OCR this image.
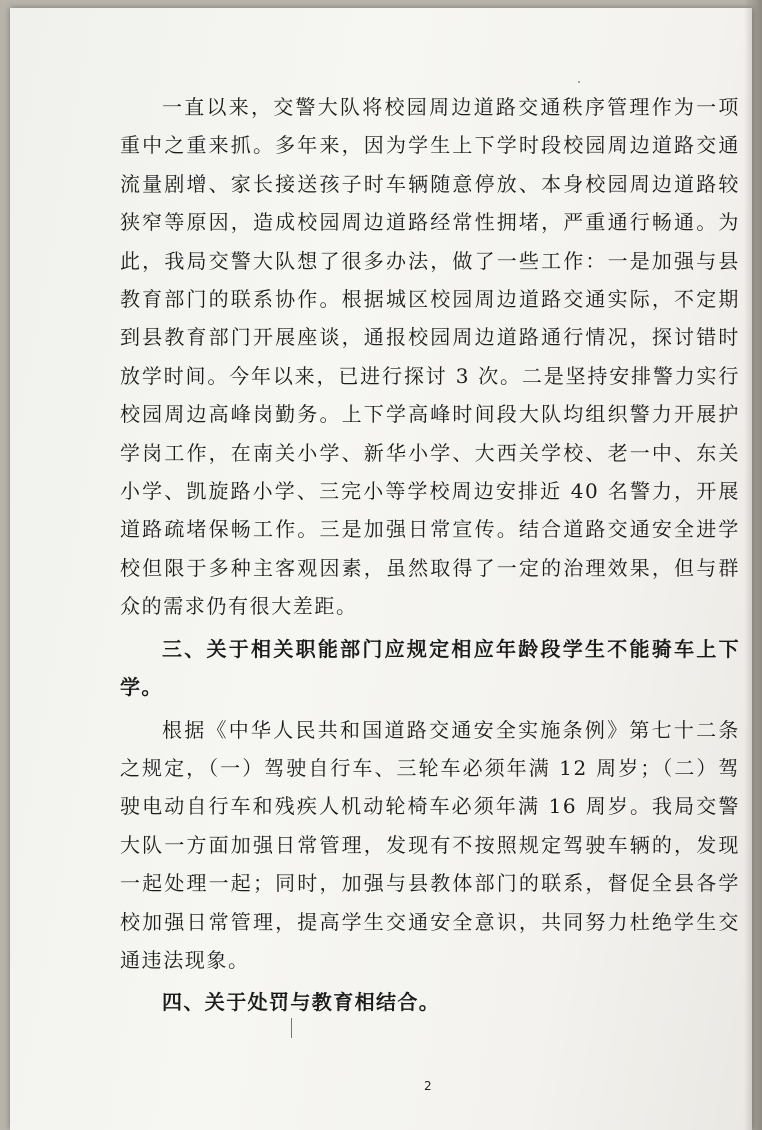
一直以来，交警大队将校园周边道路交通秩序管理作为一项重中之重来抓。多年来，因为学生上下学时段校园周边道路交通流量剧增、家长接送孩子时车辆随意停放、本身校园周边道路较狭窄等原因，造成校园周边道路经常性拥堵，严重通行畅通。为此，我局交警大队想了很多办法，做了一些工作：一是加强与县教育部门的联系协作。根据城区校园周边道路交通实际，不定期到县教育部门开展座谈，通报校园周边道路通行情况，探讨错时放学时间。今年以来，已进行探讨 3 次。二是坚持安排警力实行校园周边高峰岗勤务。上下学高峰时间段大队均组织警力开展护学岗工作，在南关小学、新华小学、大西关学校、老一中、东关小学、凯旋路小学、三完小等学校周边安排近 40 名警力，开展道路疏堵保畅工作。三是加强日常宣传。结合道路交通安全进学校但限于多种主客观因素，虽然取得了一定的治理效果，但与群众的需求仍有很大差距。

三、关于相关职能部门应规定相应年龄段学生不能骑车上下学。

根据《中华人民共和国道路交通安全实施条例》第七十二条之规定，（一）驾驶自行车、三轮车必须年满 12 周岁；（二）驾驶电动自行车和残疾人机动轮椅车必须年满 16 周岁。我局交警大队一方面加强日常管理，发现有不按照规定驾驶车辆的，发现一起处理一起；同时，加强与县教体部门的联系，督促全县各学校加强日常管理，提高学生交通安全意识，共同努力杜绝学生交通违法现象。

四、关于处罚与教育相结合。

2
